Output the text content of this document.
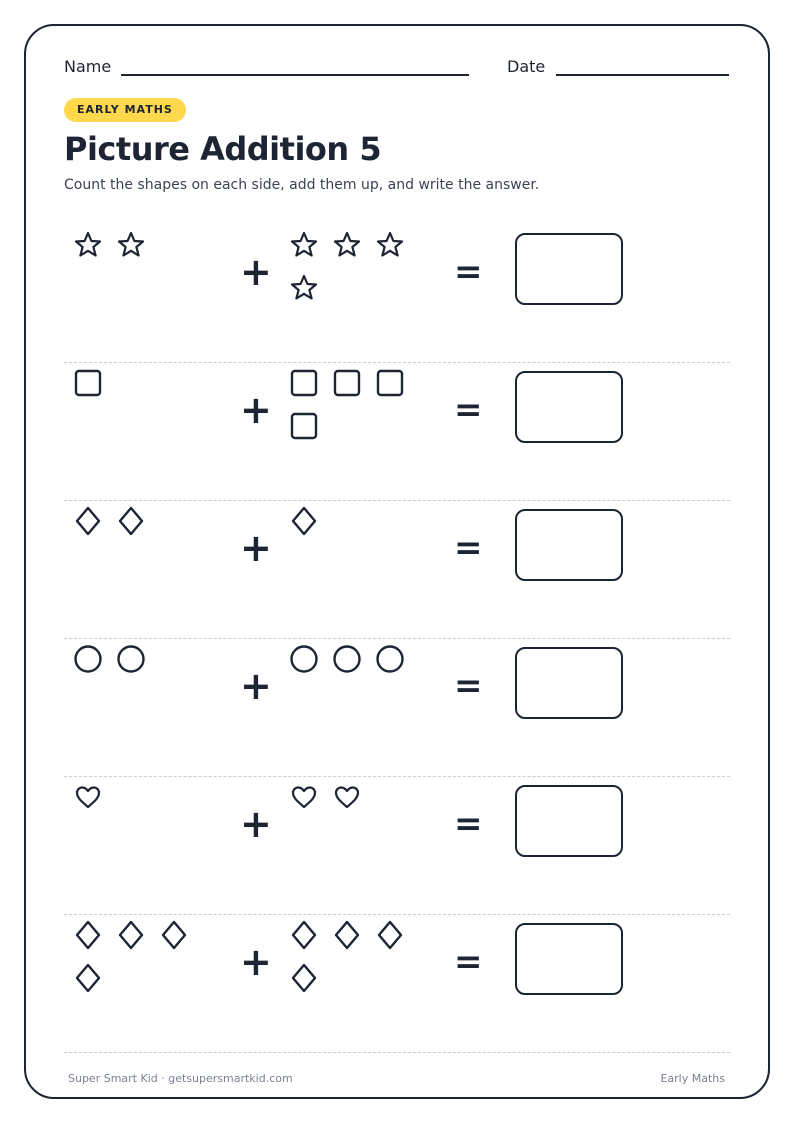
Name	Date
EARLY MATHS
Picture Addition 5

Count the shapes on each side, add them up, and write the answer.

+	=
+	=
+	=
+	=
+	=
+	=
Super Smart Kid · getsupersmartkid.com	Early Maths
